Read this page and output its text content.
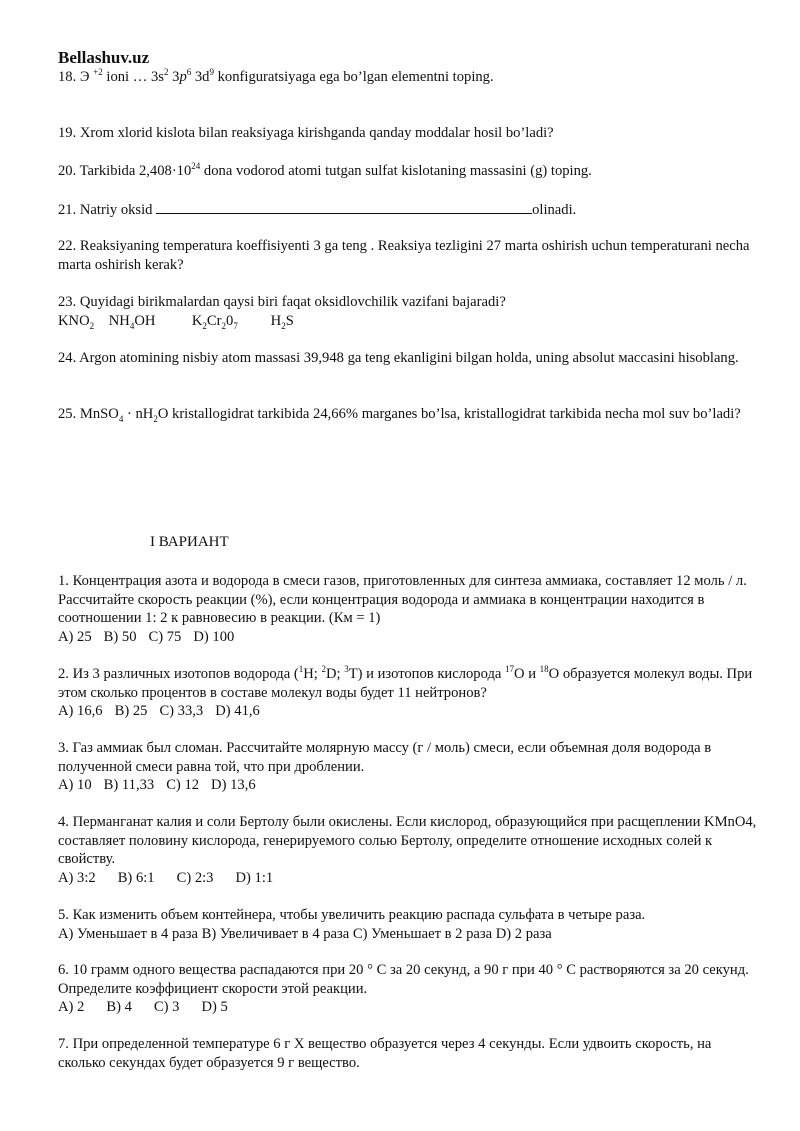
Bellashuv.uz

18. Э $^{+2}$ ioni … $3s^2$ $3p^6$ $3d^9$ konfiguratsiyaga ega bo’lgan elementni toping.

19. Xrom xlorid kislota bilan reaksiyaga kirishganda qanday moddalar hosil bo’ladi?

20. Tarkibida $2,408\cdot 10^{24}$ dona vodorod atomi tutgan sulfat kislotaning massasini (g) toping.

21. Natriy oksid	olinadi.

22. Reaksiyaning temperatura koeffisiyenti 3 ga teng . Reaksiya tezligini 27 marta oshirish uchun temperaturani necha marta oshirish kerak?

23. Quyidagi birikmalardan qaysi biri faqat oksidlovchilik vazifani bajaradi?

$KNO_2$    $NH_4OH$          $K_2Cr_20_7$         $H_2S$

24. Argon atomining nisbiy atom massasi 39,948 ga teng ekanligini bilgan holda, uning absolut массаsini hisoblang.

25. MnSO$_4$ · $nH_2O$ kristallogidrat tarkibida 24,66% marganes bo’lsa, kristallogidrat tarkibida necha mol suv bo’ladi?

I ВАРИАНТ

1. Концентрация азота и водорода в смеси газов, приготовленных для синтеза аммиака, составляет 12 моль / л. Рассчитайте скорость реакции (%), если концентрация водорода и аммиака в концентрации находится в соотношении 1: 2 к равновесию в реакции. (Км = 1)

A) 25 B) 50 C) 75 D) 100

2. Из 3 различных изотопов водорода ($^1$H; $^2$D; $^3$T) и изотопов кислорода $^{17}$O и $^{18}$O образуется молекул воды. При этом сколько процентов в составе молекул воды будет 11 нейтронов?

A) 16,6 B) 25 C) 33,3 D) 41,6

3. Газ аммиак был сломан. Рассчитайте молярную массу (г / моль) смеси, если объемная доля водорода в полученной смеси равна той, что при дроблении.

A) 10 B) 11,33 C) 12 D) 13,6

4. Перманганат калия и соли Бертолу были окислены. Если кислород, образующийся при расщеплении KMnO4, составляет половину кислорода, генерируемого солью Бертолу, определите отношение исходных солей к свойству.

A) 3:2 B) 6:1 C) 2:3 D) 1:1

5. Как изменить объем контейнера, чтобы увеличить реакцию распада сульфата в четыре раза.

A) Уменьшает в 4 раза B) Увеличивает в 4 раза C) Уменьшает в 2 раза D) 2 раза

6. 10 грамм одного вещества распадаются при 20 ° C за 20 секунд, а 90 г при 40 ° C растворяются за 20 секунд. Определите коэффициент скорости этой реакции.

A) 2 B) 4 C) 3 D) 5

7. При определенной температуре 6 г X вещество образуется через 4 секунды. Если удвоить скорость, на сколько секундах будет образуется 9 г вещество.
